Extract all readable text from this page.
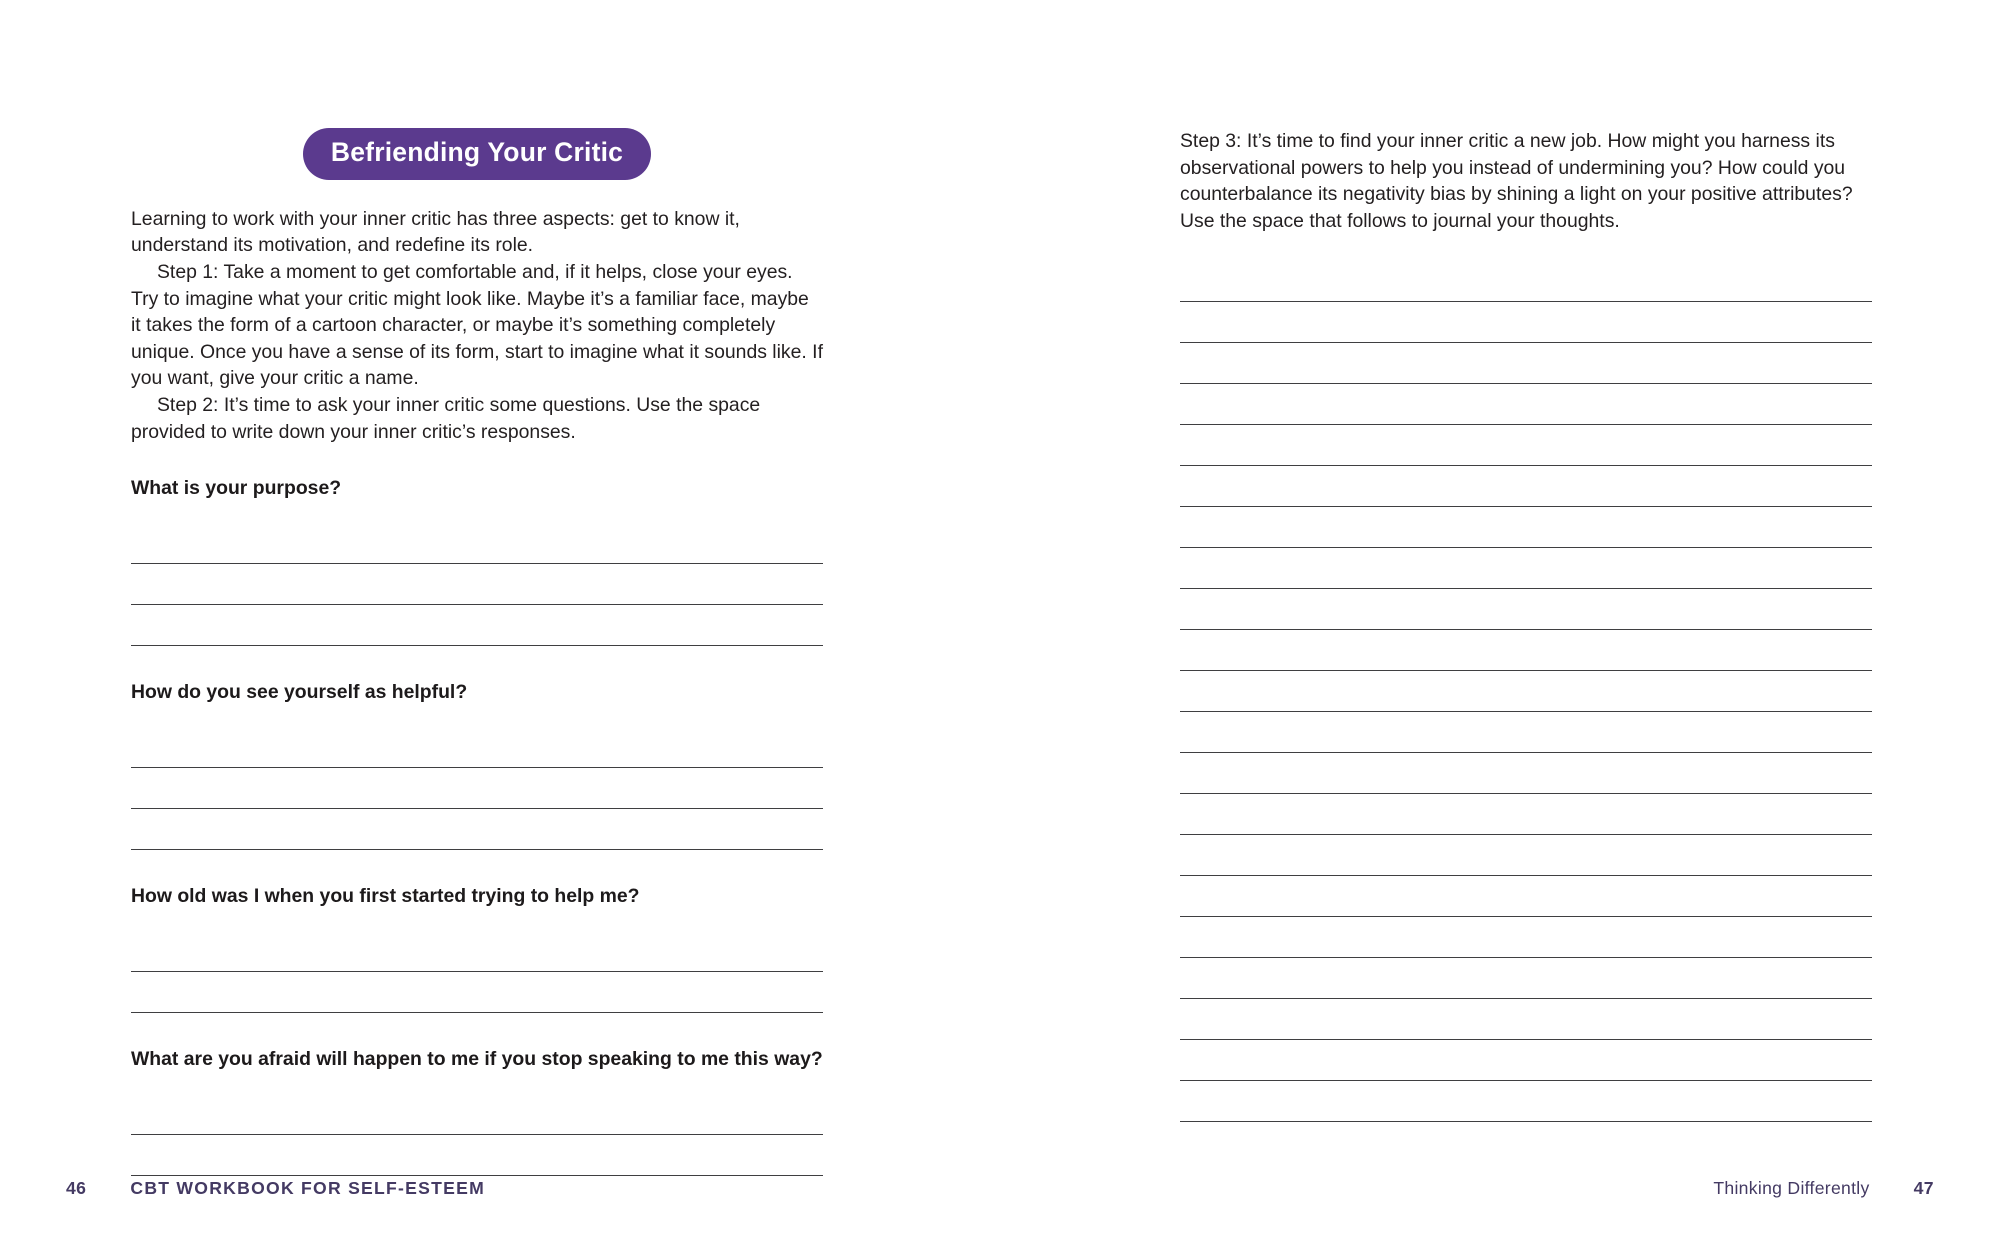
Befriending Your Critic

Learning to work with your inner critic has three aspects: get to know it, understand its motivation, and redefine its role.

Step 1: Take a moment to get comfortable and, if it helps, close your eyes. Try to imagine what your critic might look like. Maybe it’s a familiar face, maybe it takes the form of a cartoon character, or maybe it’s something completely unique. Once you have a sense of its form, start to imagine what it sounds like. If you want, give your critic a name.

Step 2: It’s time to ask your inner critic some questions. Use the space provided to write down your inner critic’s responses.

What is your purpose?

How do you see yourself as helpful?

How old was I when you first started trying to help me?

What are you afraid will happen to me if you stop speaking to me this way?

46	CBT WORKBOOK FOR SELF-ESTEEM

Step 3: It’s time to find your inner critic a new job. How might you harness its observational powers to help you instead of undermining you? How could you counterbalance its negativity bias by shining a light on your positive attributes? Use the space that follows to journal your thoughts.

Thinking Differently	47
